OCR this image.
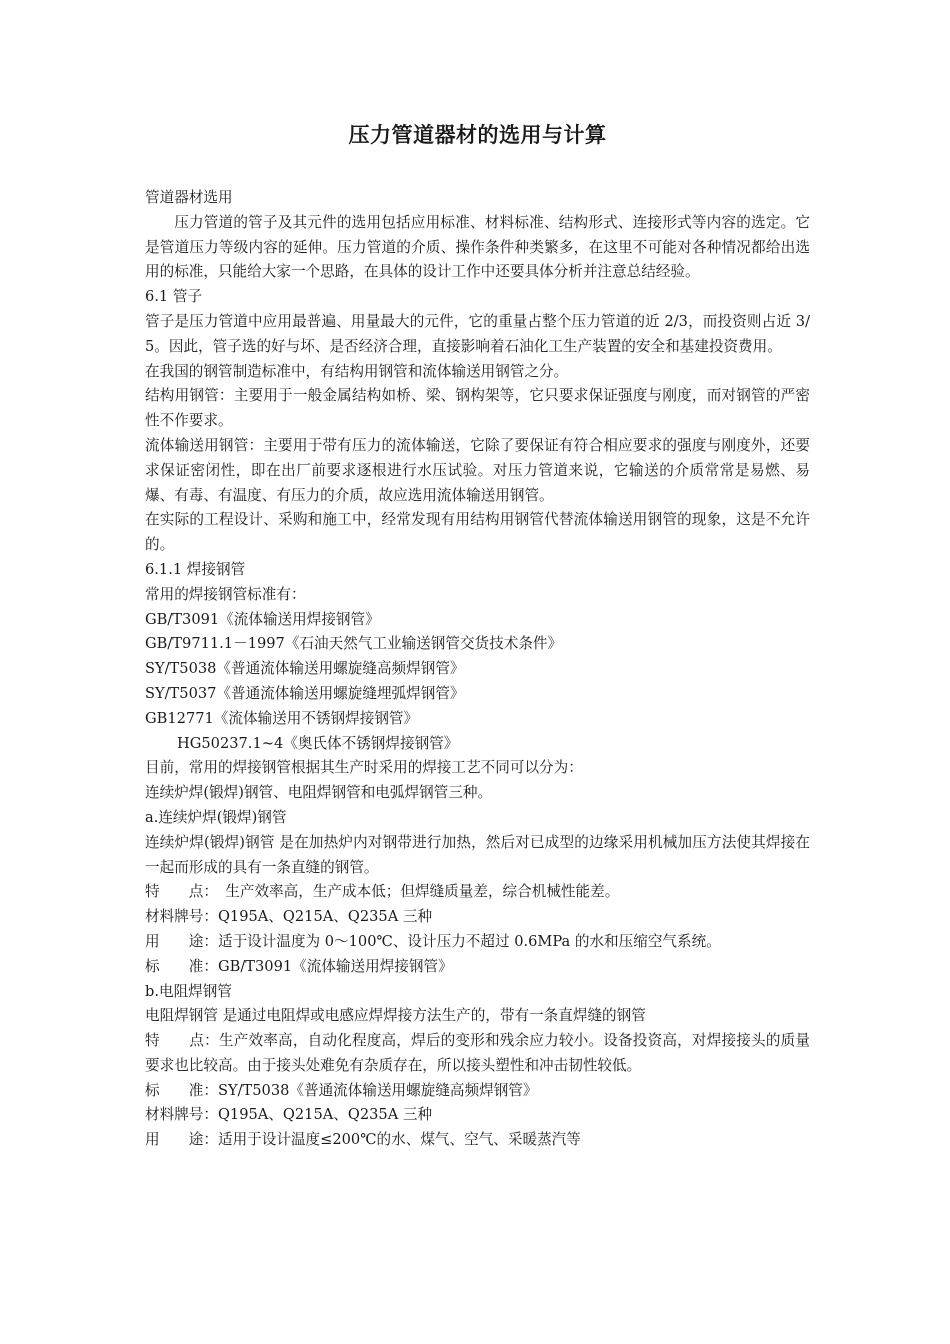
压力管道器材的选用与计算

管道器材选用

压力管道的管子及其元件的选用包括应用标准、材料标准、结构形式、连接形式等内容的选定。它是管道压力等级内容的延伸。压力管道的介质、操作条件种类繁多，在这里不可能对各种情况都给出选用的标准，只能给大家一个思路，在具体的设计工作中还要具体分析并注意总结经验。

6.1 管子

管子是压力管道中应用最普遍、用量最大的元件，它的重量占整个压力管道的近 2/3，而投资则占近 3/5。因此，管子选的好与坏、是否经济合理，直接影响着石油化工生产装置的安全和基建投资费用。

在我国的钢管制造标准中，有结构用钢管和流体输送用钢管之分。

结构用钢管：主要用于一般金属结构如桥、梁、钢构架等，它只要求保证强度与刚度，而对钢管的严密性不作要求。

流体输送用钢管：主要用于带有压力的流体输送，它除了要保证有符合相应要求的强度与刚度外，还要求保证密闭性，即在出厂前要求逐根进行水压试验。对压力管道来说，它输送的介质常常是易燃、易爆、有毒、有温度、有压力的介质，故应选用流体输送用钢管。

在实际的工程设计、采购和施工中，经常发现有用结构用钢管代替流体输送用钢管的现象，这是不允许的。

6.1.1 焊接钢管

常用的焊接钢管标准有：

GB/T3091《流体输送用焊接钢管》

GB/T9711.1－1997《石油天然气工业输送钢管交货技术条件》

SY/T5038《普通流体输送用螺旋缝高频焊钢管》

SY/T5037《普通流体输送用螺旋缝埋弧焊钢管》

GB12771《流体输送用不锈钢焊接钢管》

HG50237.1~4《奥氏体不锈钢焊接钢管》

目前，常用的焊接钢管根据其生产时采用的焊接工艺不同可以分为：

连续炉焊(锻焊)钢管、电阻焊钢管和电弧焊钢管三种。

a.连续炉焊(锻焊)钢管

连续炉焊(锻焊)钢管 是在加热炉内对钢带进行加热，然后对已成型的边缘采用机械加压方法使其焊接在一起而形成的具有一条直缝的钢管。

特　　点：　生产效率高，生产成本低；但焊缝质量差，综合机械性能差。

材料牌号：Q195A、Q215A、Q235A 三种

用　　途：适于设计温度为 0～100℃、设计压力不超过 0.6MPa 的水和压缩空气系统。

标　　准：GB/T3091《流体输送用焊接钢管》

b.电阻焊钢管

电阻焊钢管 是通过电阻焊或电感应焊焊接方法生产的，带有一条直焊缝的钢管

特　　点：生产效率高，自动化程度高，焊后的变形和残余应力较小。设备投资高，对焊接接头的质量要求也比较高。由于接头处难免有杂质存在，所以接头塑性和冲击韧性较低。

标　　准：SY/T5038《普通流体输送用螺旋缝高频焊钢管》

材料牌号：Q195A、Q215A、Q235A 三种

用　　途：适用于设计温度≤200℃的水、煤气、空气、采暖蒸汽等
